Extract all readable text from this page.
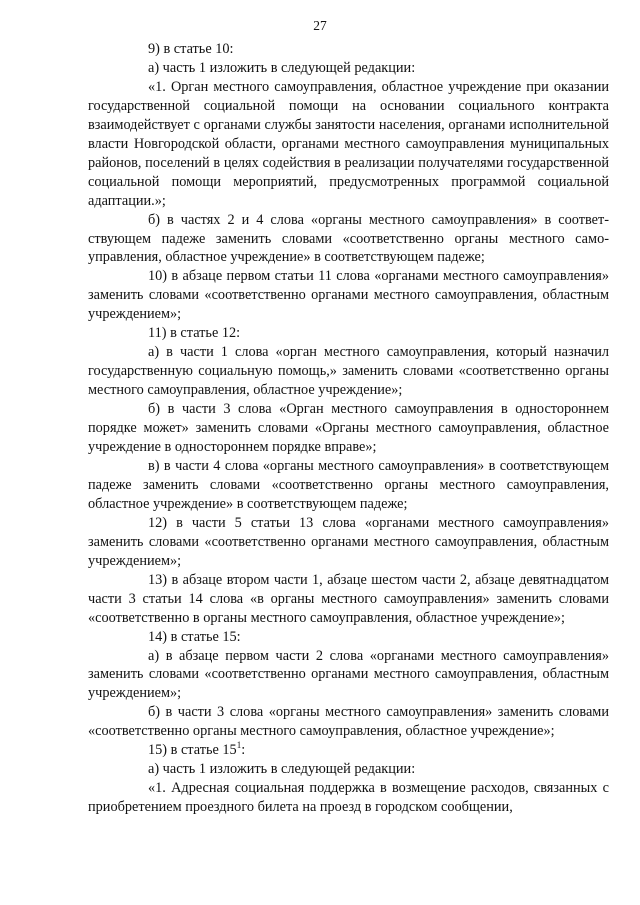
27

9) в статье 10:

а) часть 1 изложить в следующей редакции:

«1. Орган местного самоуправления, областное учреждение при оказании государственной социальной помощи на основании социального контракта взаимодействует с органами службы занятости населения, органами исполнительной власти Новгородской области, органами местного самоуправления муниципальных районов, поселений в целях содействия в реализации получателями государственной социальной помощи мероприятий, предусмотренных программой социальной адаптации.»;

б) в частях 2 и 4 слова «органы местного самоуправления» в соответствующем падеже заменить словами «соответственно органы местного самоуправления, областное учреждение» в соответствующем падеже;

10) в абзаце первом статьи 11 слова «органами местного самоуправления» заменить словами «соответственно органами местного самоуправления, областным учреждением»;

11) в статье 12:

а) в части 1 слова «орган местного самоуправления, который назначил государственную социальную помощь,» заменить словами «соответственно органы местного самоуправления, областное учреждение»;

б) в части 3 слова «Орган местного самоуправления в одностороннем порядке может» заменить словами «Органы местного самоуправления, областное учреждение в одностороннем порядке вправе»;

в) в части 4 слова «органы местного самоуправления» в соответствующем падеже заменить словами «соответственно органы местного самоуправления, областное учреждение» в соответствующем падеже;

12) в части 5 статьи 13 слова «органами местного самоуправления» заменить словами «соответственно органами местного самоуправления, областным учреждением»;

13) в абзаце втором части 1, абзаце шестом части 2, абзаце девятнадцатом части 3 статьи 14 слова «в органы местного самоуправления» заменить словами «соответственно в органы местного самоуправления, областное учреждение»;

14) в статье 15:

а) в абзаце первом части 2 слова «органами местного самоуправления» заменить словами «соответственно органами местного самоуправления, областным учреждением»;

б) в части 3 слова «органы местного самоуправления» заменить словами «соответственно органы местного самоуправления, областное учреждение»;

15) в статье $15^1$:

а) часть 1 изложить в следующей редакции:

«1. Адресная социальная поддержка в возмещение расходов, связанных с приобретением проездного билета на проезд в городском сообщении,
